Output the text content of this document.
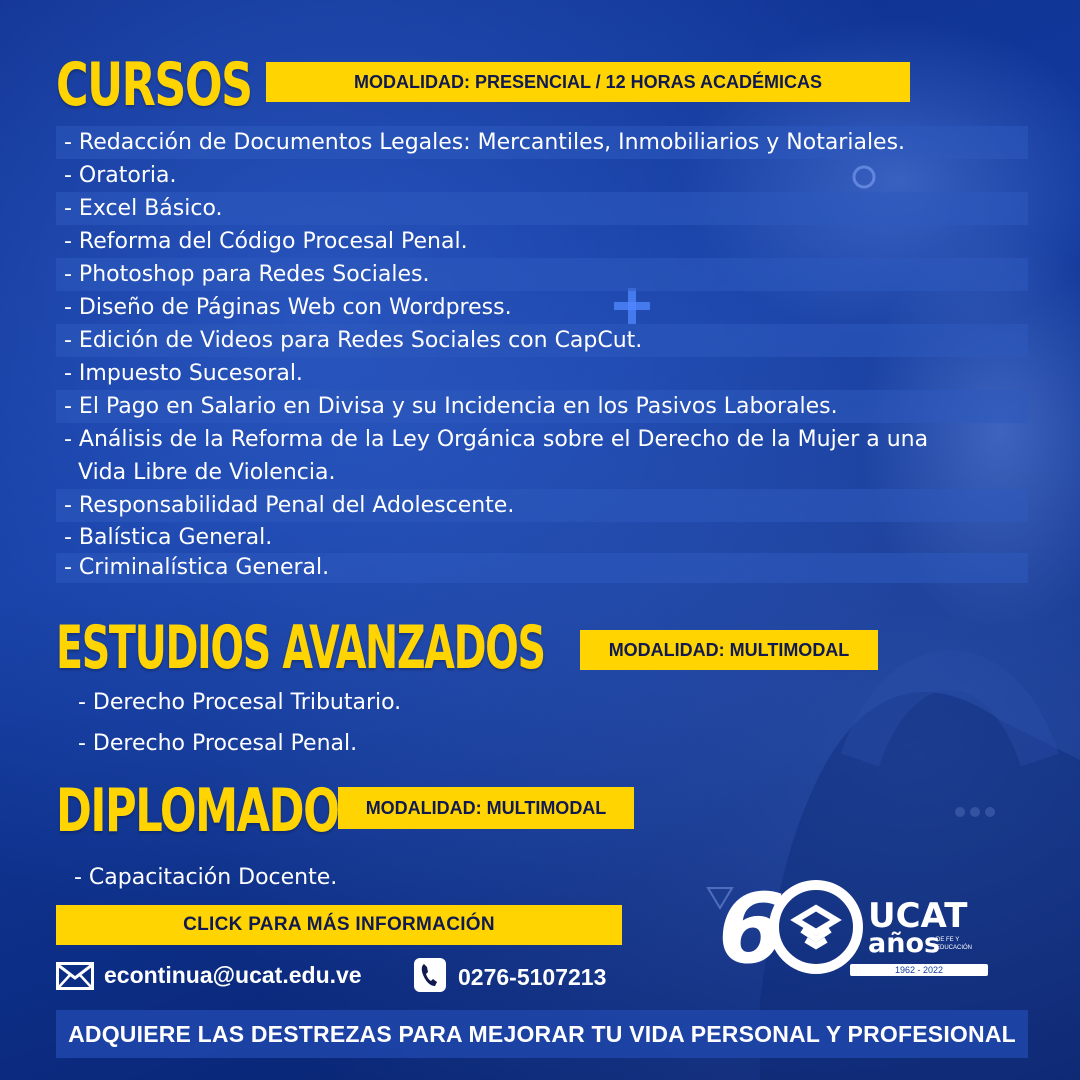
CURSOS	MODALIDAD: PRESENCIAL / 12 HORAS ACADÉMICAS
- Redacción de Documentos Legales: Mercantiles, Inmobiliarios y Notariales.
- Oratoria.
- Excel Básico.
- Reforma del Código Procesal Penal.
- Photoshop para Redes Sociales.
- Diseño de Páginas Web con Wordpress.
- Edición de Videos para Redes Sociales con CapCut.
- Impuesto Sucesoral.
- El Pago en Salario en Divisa y su Incidencia en los Pasivos Laborales.
- Análisis de la Reforma de la Ley Orgánica sobre el Derecho de la Mujer a una
Vida Libre de Violencia.
- Responsabilidad Penal del Adolescente.
- Balística General.
- Criminalística General.
ESTUDIOS AVANZADOS	MODALIDAD: MULTIMODAL
- Derecho Procesal Tributario.
- Derecho Procesal Penal.
DIPLOMADO	MODALIDAD: MULTIMODAL
- Capacitación Docente.
CLICK PARA MÁS INFORMACIÓN
econtinua@ucat.edu.ve	0276-5107213 6 UCAT
años
DE FE Y
EDUCACIÓN
1962 - 2022
ADQUIERE LAS DESTREZAS PARA MEJORAR TU VIDA PERSONAL Y PROFESIONAL
